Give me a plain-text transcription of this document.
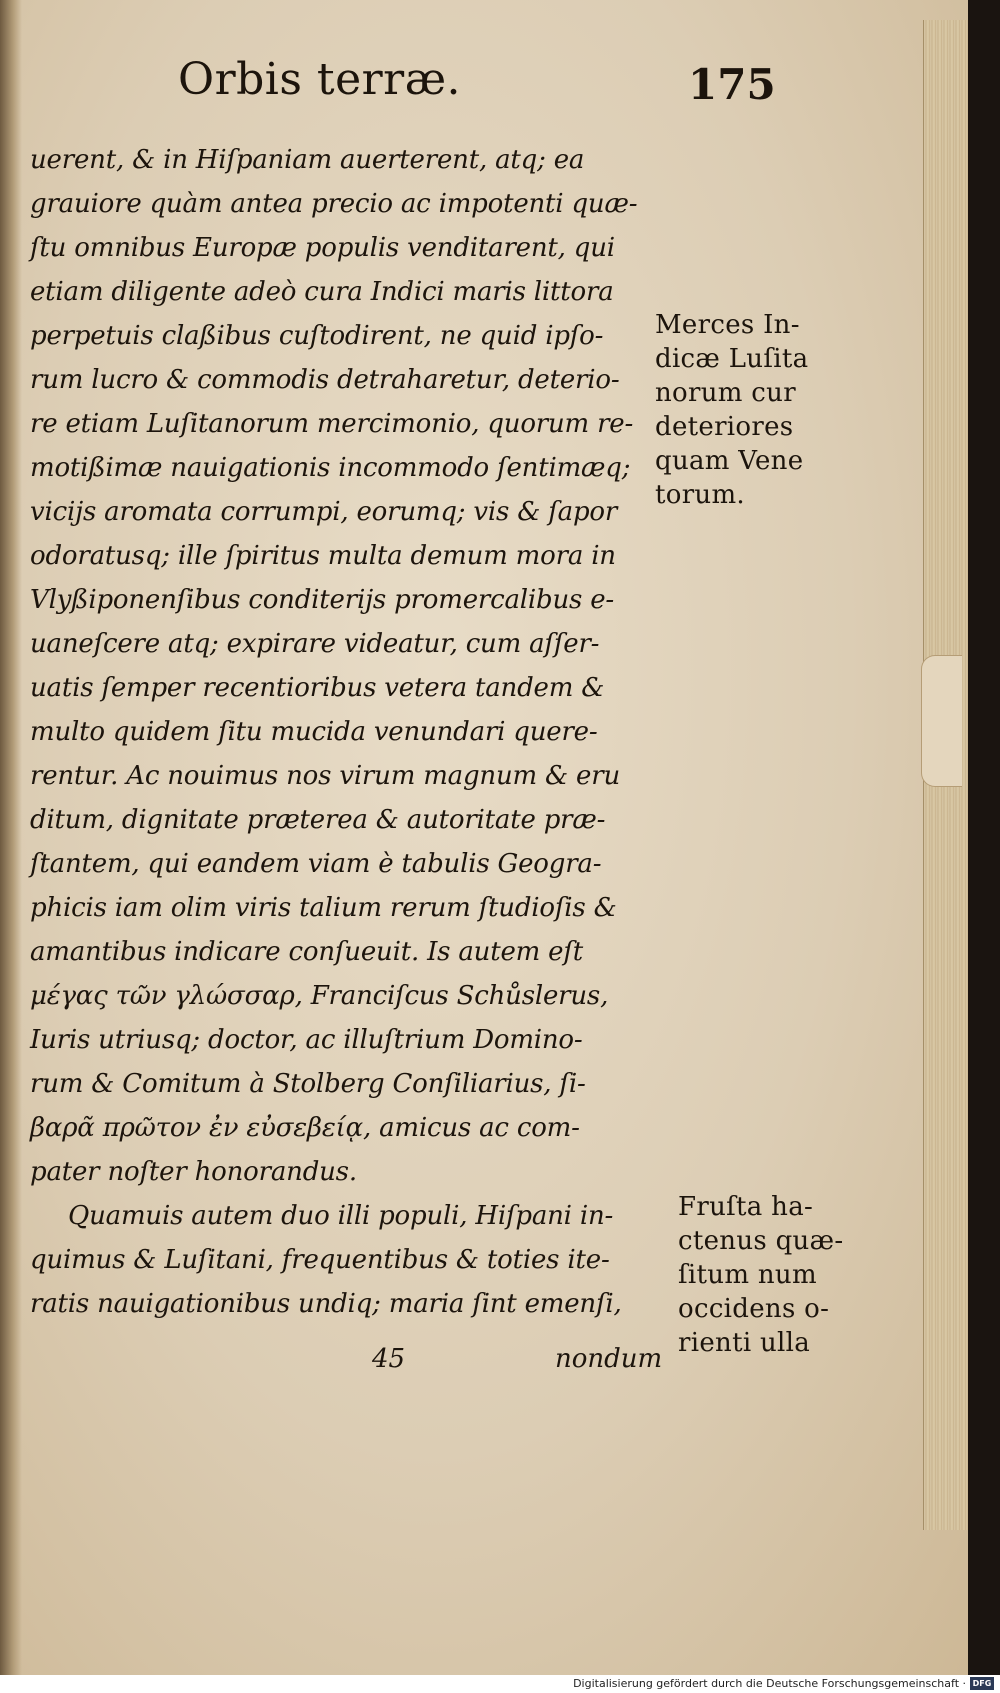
Orbis terræ.	175
uerent, & in Hiſpaniam auerterent, atq; ea
grauiore quàm antea precio ac impotenti quæ-
ſtu omnibus Europæ populis venditarent, qui
etiam diligente adeò cura Indici maris littora
perpetuis claßibus cuſtodirent, ne quid ipſo-
rum lucro & commodis detraharetur, deterio-
re etiam Luſitanorum mercimonio, quorum re-
motißimæ nauigationis incommodo ſentimæq;
vicijs aromata corrumpi, eorumq; vis & ſapor
odoratusq; ille ſpiritus multa demum mora in
Vlyßiponenſibus conditerijs promercalibus e-
uaneſcere atq; expirare videatur, cum aſſer-
uatis ſemper recentioribus vetera tandem &
multo quidem ſitu mucida venundari quere-
rentur. Ac nouimus nos virum magnum & eru
ditum, dignitate præterea & autoritate præ-
ſtantem, qui eandem viam è tabulis Geogra-
phicis iam olim viris talium rerum ſtudioſis &
amantibus indicare conſueuit. Is autem eſt
μέγας τῶν γλώσσαρ, Franciſcus Schůslerus,
Iuris utriusq; doctor, ac illuſtrium Domino-
rum & Comitum à Stolberg Conſiliarius, ſi-
βαρᾶ πρῶτον ἐν εὐσεβείᾳ, amicus ac com-
pater noſter honorandus.
Quamuis autem duo illi populi, Hiſpani in-
quimus & Luſitani, frequentibus & toties ite-
ratis nauigationibus undiq; maria ſint emenſi,
Merces In-
dicæ Luſita
norum cur
deteriores
quam Vene
torum.
Fruſta ha-
ctenus quæ-
ſitum num
occidens o-
rienti ulla
45	nondum
Digitalisierung gefördert durch die Deutsche Forschungsgemeinschaft · DFG
